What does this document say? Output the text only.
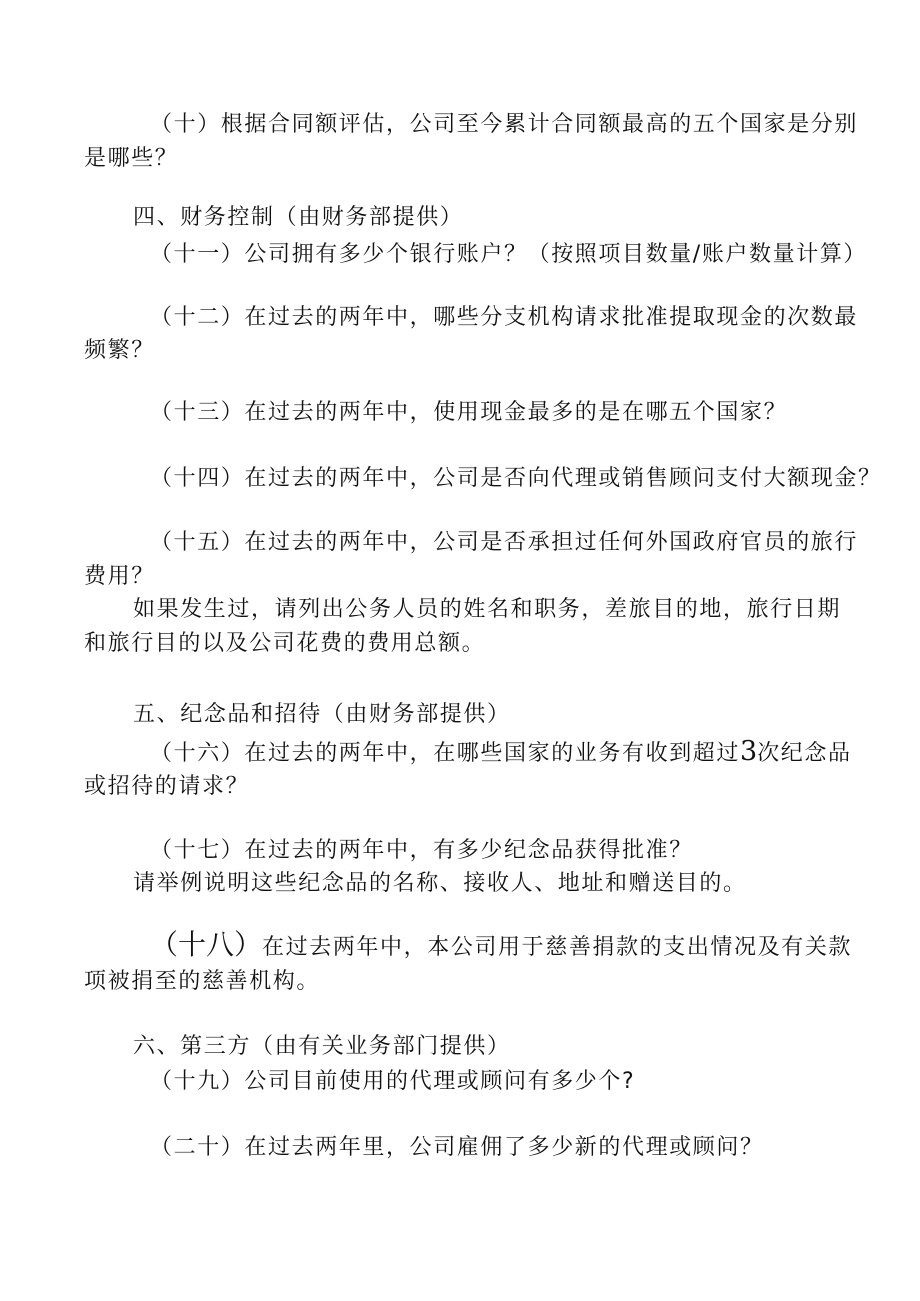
（十）根据合同额评估，公司至今累计合同额最高的五个国家是分别
是哪些？
四、财务控制（由财务部提供）
（十一）公司拥有多少个银行账户？（按照项目数量/账户数量计算）
（十二）在过去的两年中，哪些分支机构请求批准提取现金的次数最
频繁？
（十三）在过去的两年中，使用现金最多的是在哪五个国家？
（十四）在过去的两年中，公司是否向代理或销售顾问支付大额现金？
（十五）在过去的两年中，公司是否承担过任何外国政府官员的旅行
费用？
如果发生过，请列出公务人员的姓名和职务，差旅目的地，旅行日期
和旅行目的以及公司花费的费用总额。
五、纪念品和招待（由财务部提供）
（十六）在过去的两年中，在哪些国家的业务有收到超过3次纪念品
或招待的请求？
（十七）在过去的两年中，有多少纪念品获得批准？
请举例说明这些纪念品的名称、接收人、地址和赠送目的。
（十八）在过去两年中，本公司用于慈善捐款的支出情况及有关款
项被捐至的慈善机构。
六、第三方（由有关业务部门提供）
（十九）公司目前使用的代理或顾问有多少个?
（二十）在过去两年里，公司雇佣了多少新的代理或顾问？
